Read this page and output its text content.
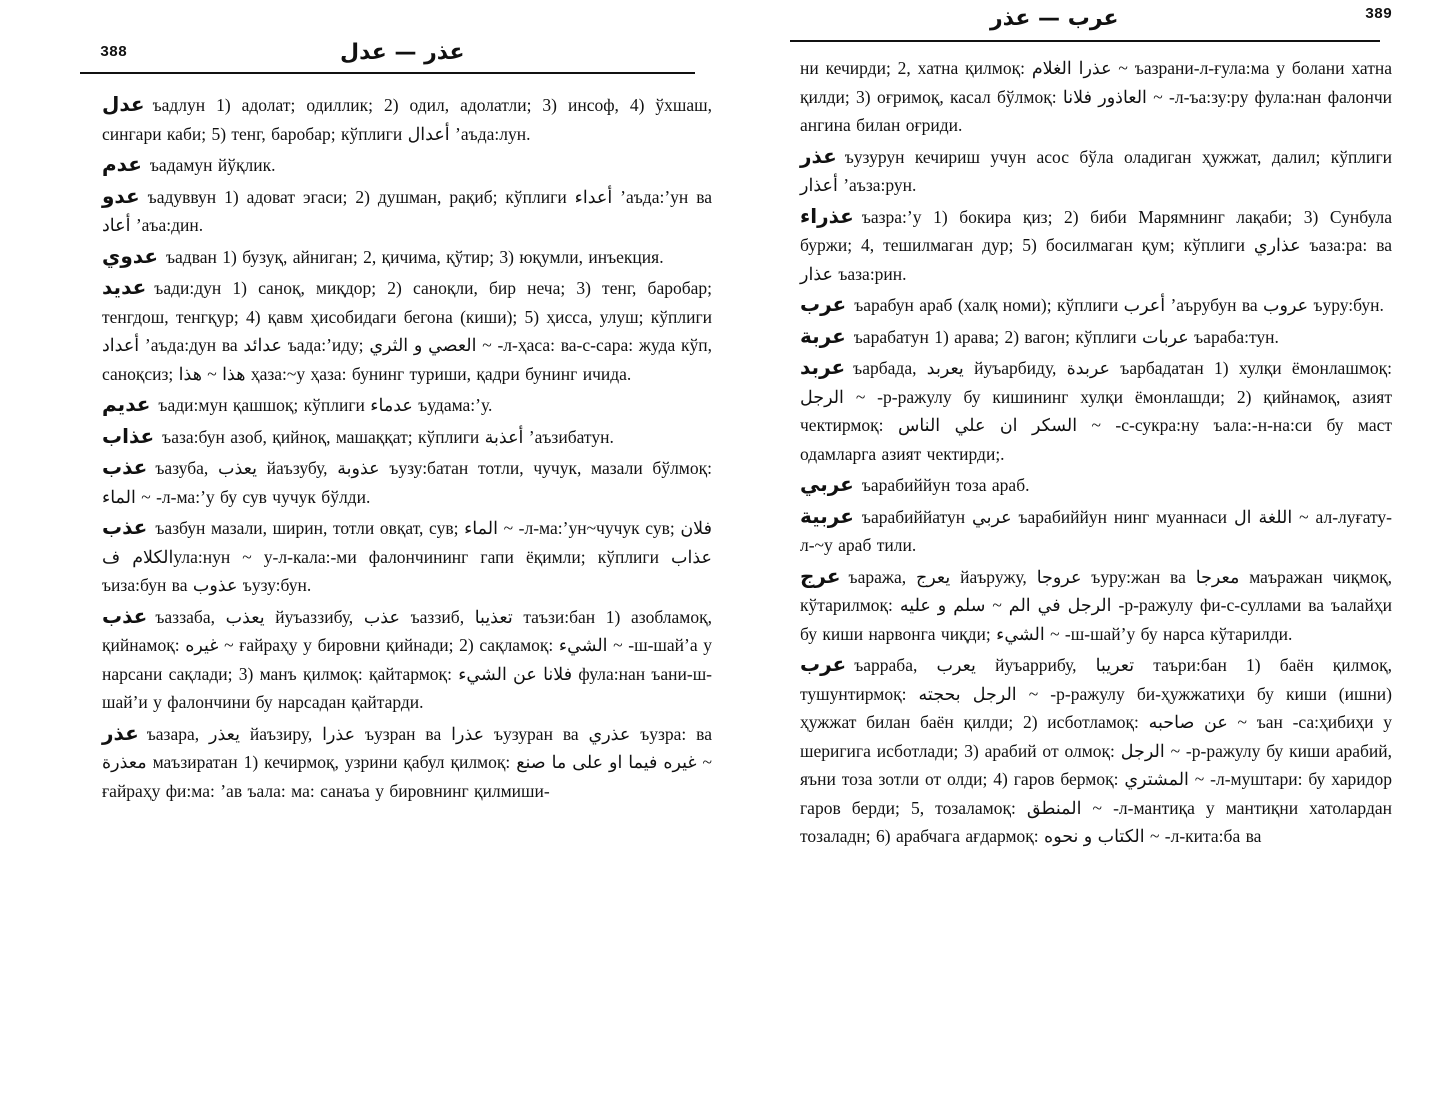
388	عذر — عدل

عدل ъадлун 1) адолат; одиллик; 2) одил, адолатли; 3) инсоф, 4) ўхшаш, сингари каби; 5) тенг, баробар; кўплиги أعدال ’аъда:лун.

عدم ъадамун йўқлик.

عدو ъадуввун 1) адоват эгаси; 2) душман, рақиб; кўплиги أعداء ’аъда:’ун ва أعاد ’аъа:дин.

عدوي ъадван 1) бузуқ, айниган; 2, қичима, қўтир; 3) юқумли, инъекция.

عديد ъади:дун 1) саноқ, миқдор; 2) саноқли, бир неча; 3) тенг, баробар; тенгдош, тенгқур; 4) қавм ҳисобидаги бегона (киши); 5) ҳисса, улуш; кўплиги أعداد ’аъда:дун ва عدائد ъада:’иду; العصي و الثري ~ -л-ҳаса: ва-с-сара: жуда кўп, саноқсиз; هذا ~ هذا ҳаза:~у ҳаза: бунинг туриши, қадри бунинг ичида.

عديم ъади:мун қашшоқ; кўплиги عدماء ъудама:’у.

عذاب ъаза:бун азоб, қийноқ, машаққат; кўплиги أعذبة ’аъзибатун.

عذب ъазуба, يعذب йаъзубу, عذوبة ъузу:батан тотли, чучук, мазали бўлмоқ: الماء ~ -л-ма:’у бу сув чучук бўлди.

عذب ъазбун мазали, ширин, тотли овқат, сув; الماء ~ -л-ма:’ун~чучук сув; فلان الكلام فула:нун ~ у-л-кала:-ми фалончининг гапи ёқимли; кўплиги عذاب ъиза:бун ва عذوب ъузу:бун.

عذب ъаззаба, يعذب йуъаззибу, عذب ъаззиб, تعذيبا таъзи:бан 1) азобламоқ, қийнамоқ: غيره ~ ғайраҳу у бировни қийнади; 2) сақламоқ: الشيء ~ -ш-шай’а у нарсани сақлади; 3) манъ қилмоқ: қайтармоқ: فلانا عن الشيء фула:нан ъани-ш-шай’и у фалончини бу нарсадан қайтарди.

عذر ъазара, يعذر йаъзиру, عذرا ъузран ва عذرا ъузуран ва عذري ъузра: ва معذرة маъзиратан 1) кечирмоқ, узрини қабул қилмоқ: غيره فيما او على ما صنع ~ ғайраҳу фи:ма: ’ав ъала: ма: санаъа у бировнинг қилмиши-

389
عرب — عذر

ни кечирди; 2, хатна қилмоқ: عذرا الغلام ~ ъазрани-л-ғула:ма у болани хатна қилди; 3) оғримоқ, касал бўлмоқ: العاذور فلانا ~ -л-ъа:зу:ру фула:нан фалончи ангина билан оғриди.

عذر ъузурун кечириш учун асос бўла оладиган ҳужжат, далил; кўплиги أعذار ’аъза:рун.

عذراء ъазра:’у 1) бокира қиз; 2) биби Марямнинг лақаби; 3) Сунбула буржи; 4, тешилмаган дур; 5) босилмаган қум; кўплиги عذاري ъаза:ра: ва عذار ъаза:рин.

عرب ъарабун араб (халқ номи); кўплиги أعرب ’аърубун ва عروب ъуру:бун.

عربة ъарабатун 1) арава; 2) вагон; кўплиги عربات ъараба:тун.

عربد ъарбада, يعربد йуъарбиду, عربدة ъарбадатан 1) хулқи ёмонлашмоқ: الرجل ~ -р-ражулу бу кишининг хулқи ёмонлашди; 2) қийнамоқ, азият чектирмоқ: السكر ان علي الناس ~ -с-сукра:ну ъала:-н-на:си бу маст одамларга азият чектирди;.

عربي ъарабиййун тоза араб.

عربية ъарабиййатун عربي ъарабиййун нинг муаннаси اللغة ال ~ ал-луғату-л-~у араб тили.

عرج ъаража, يعرج йаъружу, عروجا ъуру:жан ва معرجا маъражан чиқмоқ, кўтарилмоқ: الرجل في الم ~ سلم و عليه -р-ражулу фи-с-суллами ва ъалайҳи бу киши нарвонга чиқди; الشيء ~ -ш-шай’у бу нарса кўтарилди.

عرب ъарраба, يعرب йуъаррибу, تعريبا таъри:бан 1) баён қилмоқ, тушунтирмоқ: الرجل بحجته ~ -р-ражулу би-ҳужжатиҳи бу киши (ишни) ҳужжат билан баён қилди; 2) исботламоқ: عن صاحبه ~ ъан -са:ҳибиҳи у шеригига исботлади; 3) арабий от олмоқ: الرجل ~ -р-ражулу бу киши арабий, яъни тоза зотли от олди; 4) гаров бермоқ: المشتري ~ -л-муштари: бу харидор гаров берди; 5, тозаламоқ: المنطق ~ -л-мантиқа у мантиқни хатолардан тозаладн; 6) арабчага ағдармоқ: الكتاب و نحوه ~ -л-кита:ба ва
